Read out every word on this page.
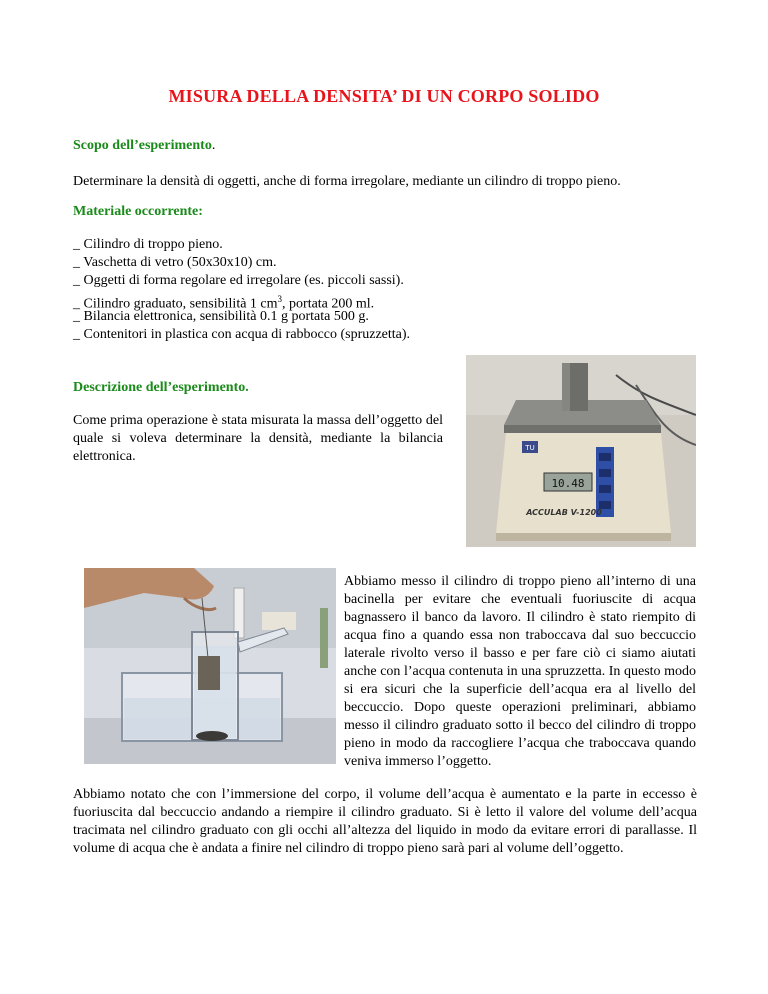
MISURA DELLA DENSITA’ DI UN CORPO SOLIDO
Scopo dell’esperimento.
Determinare la densità di oggetti, anche di forma irregolare, mediante un cilindro di troppo pieno.
Materiale occorrente:
_ Cilindro di troppo pieno.
_ Vaschetta di vetro (50x30x10) cm.
_ Oggetti di forma regolare ed irregolare (es. piccoli sassi).
_ Cilindro graduato, sensibilità 1 $cm^3$, portata 200 ml.
_ Bilancia elettronica, sensibilità 0.1 g portata 500 g.
_ Contenitori in plastica con acqua di rabbocco (spruzzetta).
Descrizione dell’esperimento.
Come prima operazione è stata misurata la massa dell’oggetto del quale si voleva determinare la densità, mediante la bilancia elettronica.
10.48
TU
ACCULAB V-1200
Abbiamo messo il cilindro di troppo pieno all’interno di una bacinella per evitare che eventuali fuoriuscite di acqua bagnassero il banco da lavoro. Il cilindro è stato riempito di acqua fino a quando essa non traboccava dal suo beccuccio laterale rivolto verso il basso e per fare ciò ci siamo aiutati anche con l’acqua contenuta in una spruzzetta. In questo modo si era sicuri che la superficie dell’acqua era al livello del beccuccio. Dopo queste operazioni preliminari, abbiamo messo il cilindro graduato sotto il becco del cilindro di troppo pieno in modo da raccogliere l’acqua che traboccava quando veniva immerso l’oggetto.
Abbiamo notato che con l’immersione del corpo, il volume dell’acqua è aumentato e la parte in eccesso è fuoriuscita dal beccuccio andando a riempire il cilindro graduato. Si è letto il valore del volume dell’acqua tracimata nel cilindro graduato con gli occhi all’altezza del liquido in modo da evitare errori di parallasse. Il volume di acqua che è andata a finire nel cilindro di troppo pieno sarà pari al volume dell’oggetto.
